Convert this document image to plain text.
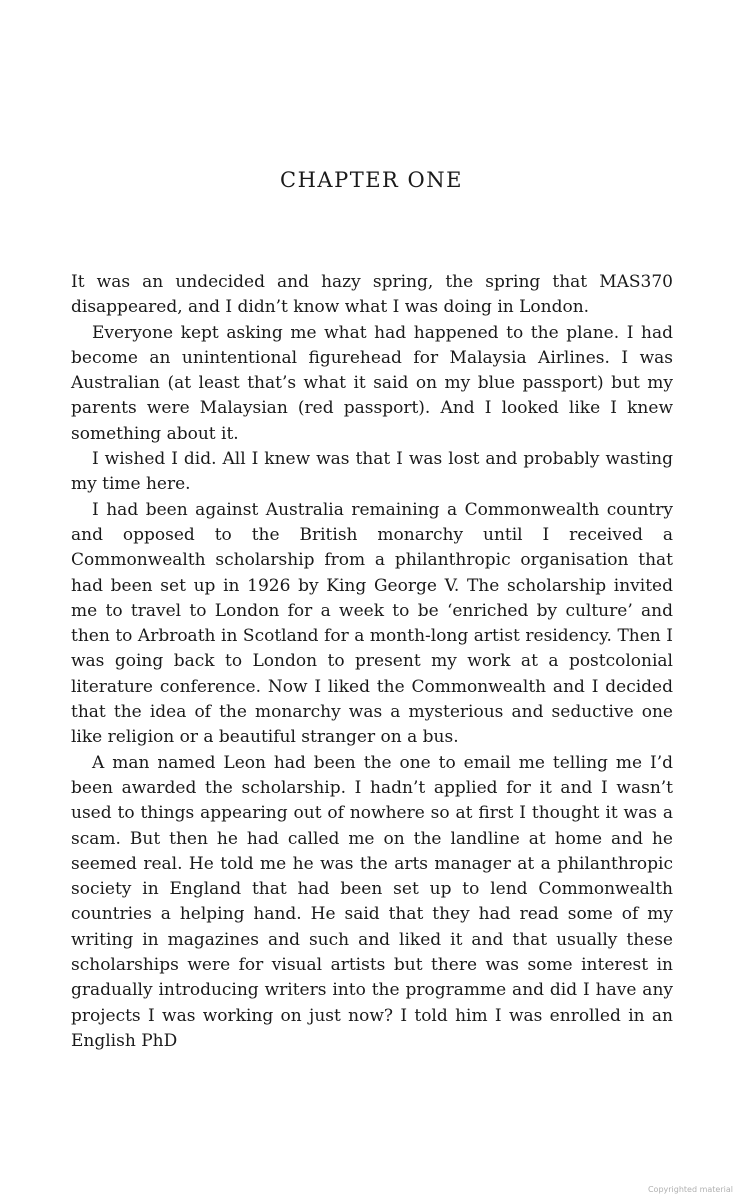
CHAPTER ONE

It was an undecided and hazy spring, the spring that MAS370 disappeared, and I didn’t know what I was doing in London.

Everyone kept asking me what had happened to the plane. I had become an unintentional figurehead for Malaysia Airlines. I was Australian (at least that’s what it said on my blue passport) but my parents were Malaysian (red passport). And I looked like I knew something about it.

I wished I did. All I knew was that I was lost and probably wasting my time here.

I had been against Australia remaining a Commonwealth country and opposed to the British monarchy until I received a Commonwealth scholarship from a philanthropic organisation that had been set up in 1926 by King George V. The scholarship invited me to travel to London for a week to be ‘enriched by culture’ and then to Arbroath in Scotland for a month-long artist residency. Then I was going back to London to present my work at a postcolonial literature conference. Now I liked the Commonwealth and I decided that the idea of the monarchy was a mysterious and seductive one like religion or a beautiful stranger on a bus.

A man named Leon had been the one to email me telling me I’d been awarded the scholarship. I hadn’t applied for it and I wasn’t used to things appearing out of nowhere so at first I thought it was a scam. But then he had called me on the landline at home and he seemed real. He told me he was the arts manager at a philanthropic society in England that had been set up to lend Commonwealth countries a helping hand. He said that they had read some of my writing in magazines and such and liked it and that usually these scholarships were for visual artists but there was some interest in gradually introducing writers into the programme and did I have any projects I was working on just now? I told him I was enrolled in an English PhD

Copyrighted material
